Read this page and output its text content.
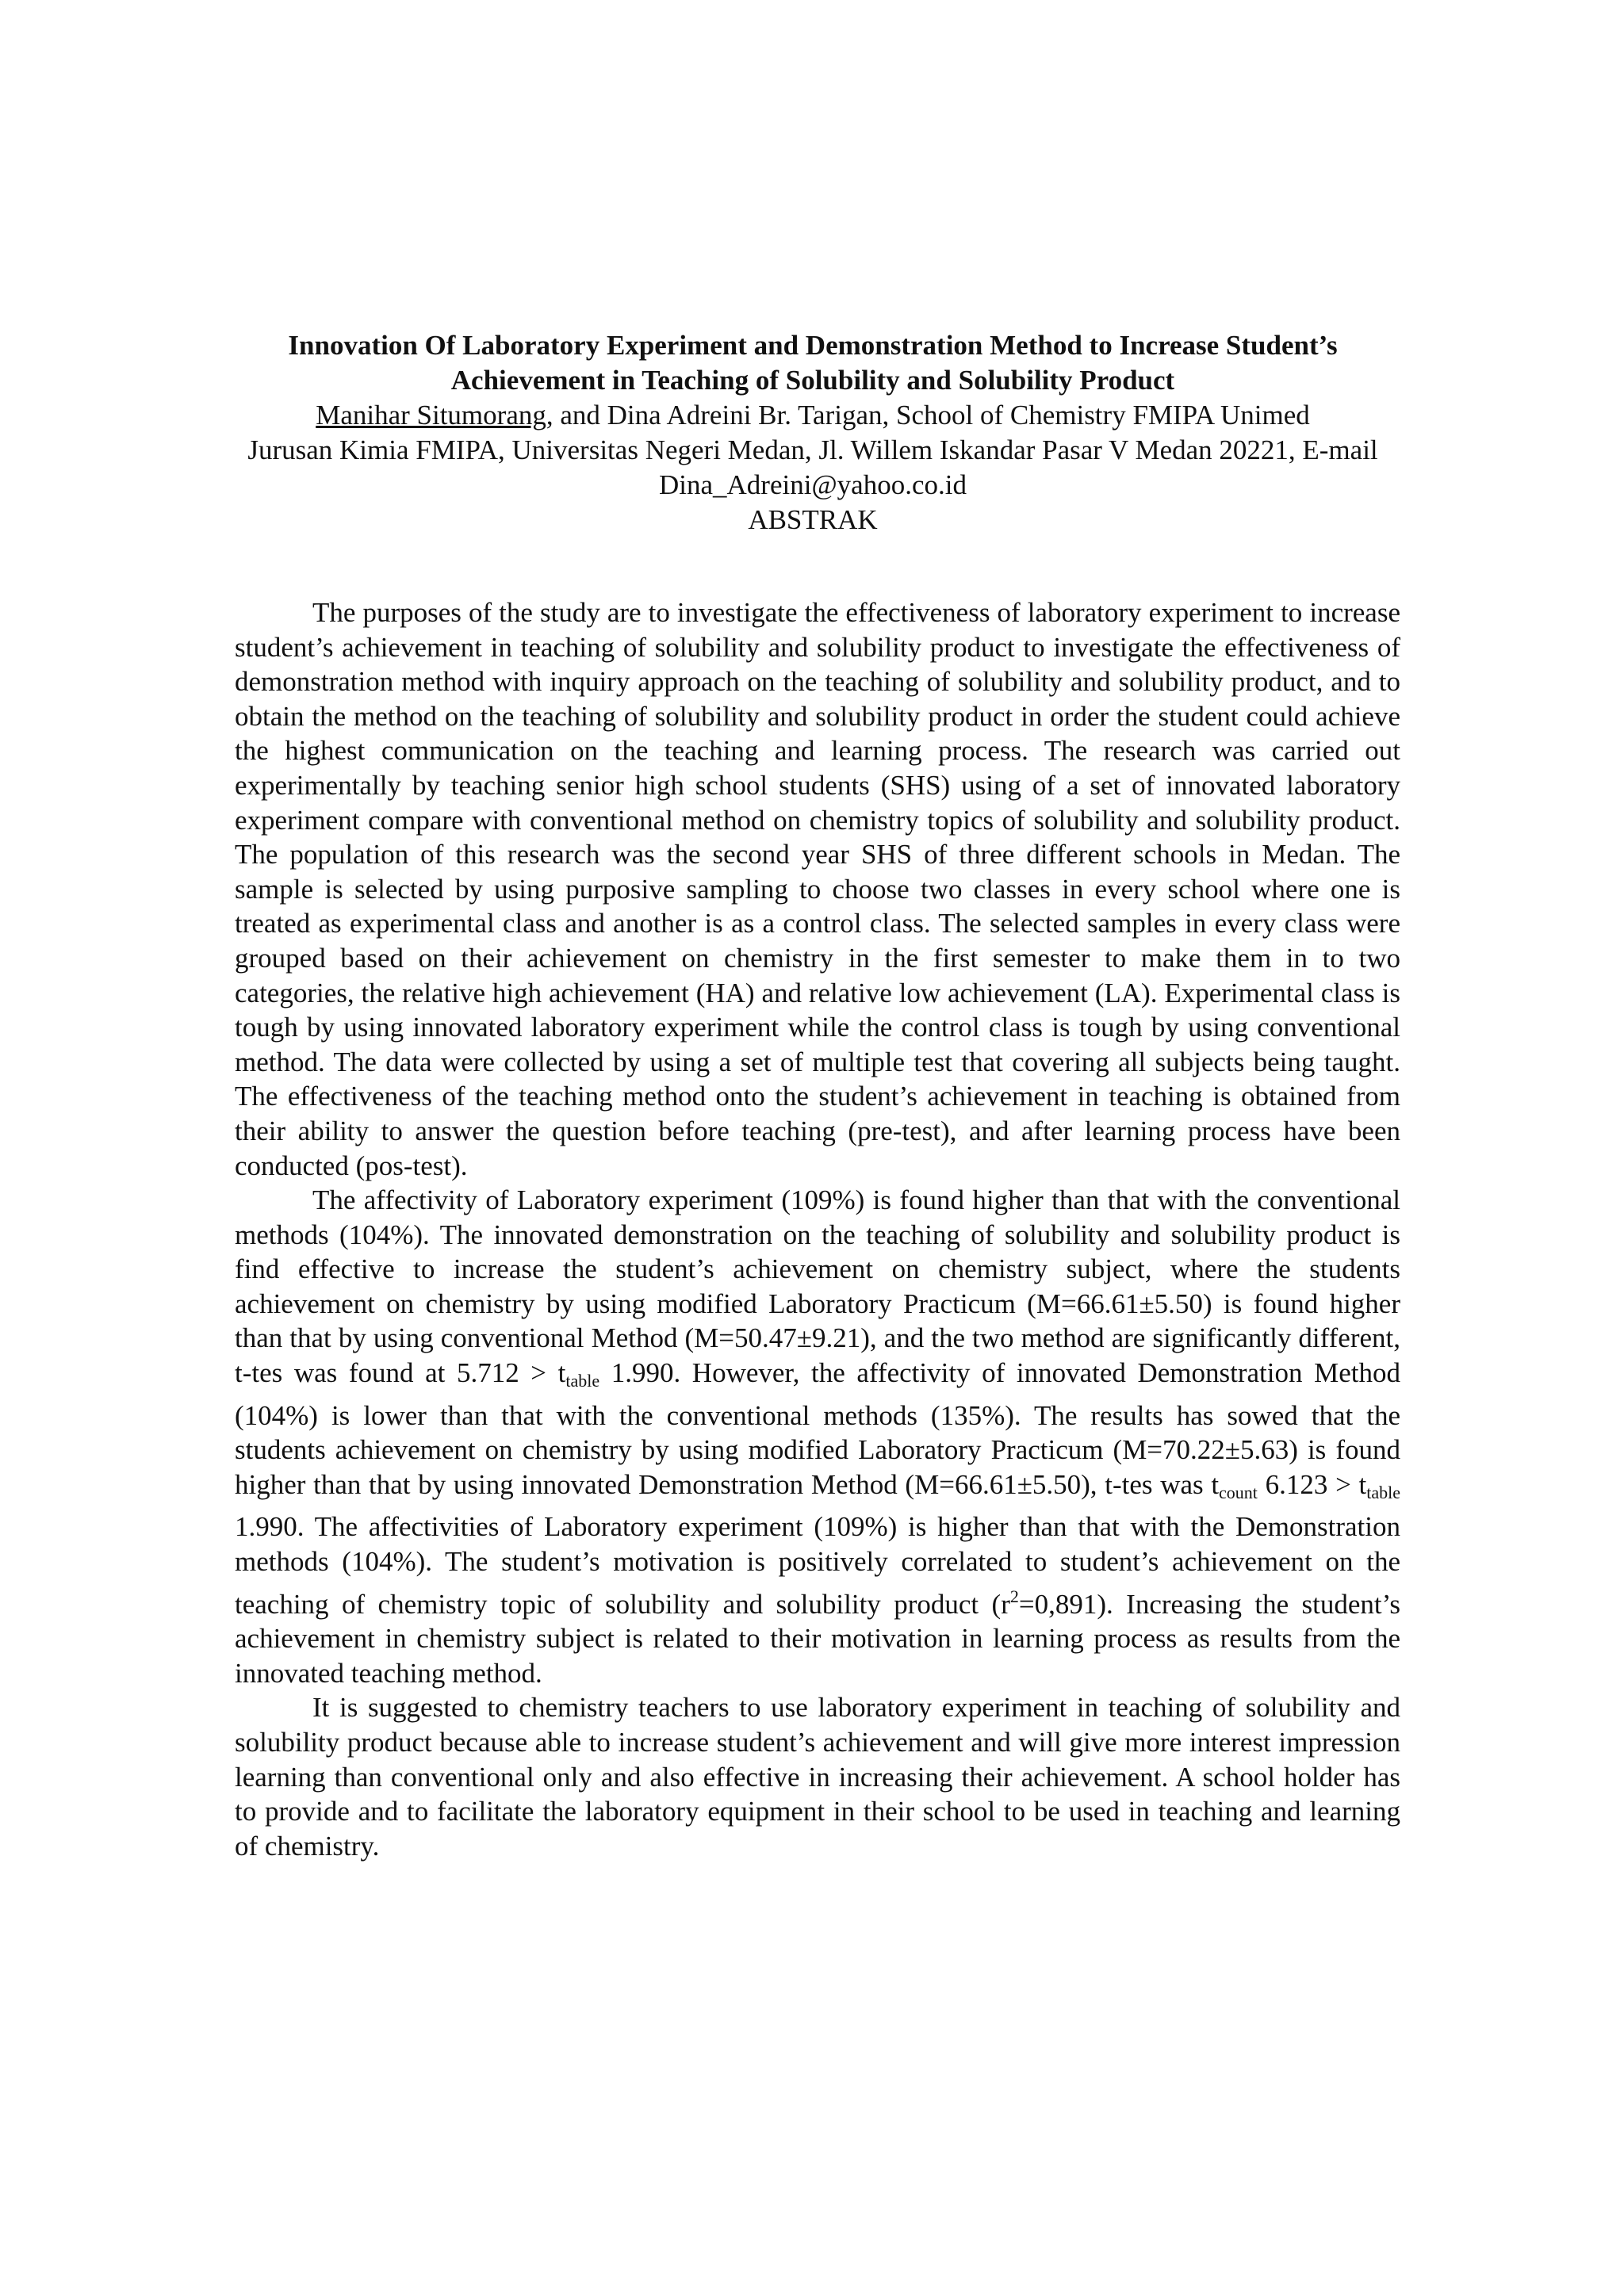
Innovation Of Laboratory Experiment and Demonstration Method to Increase Student’s
Achievement in Teaching of Solubility and Solubility Product
Manihar Situmorang, and Dina Adreini Br. Tarigan, School of Chemistry FMIPA Unimed
Jurusan Kimia FMIPA, Universitas Negeri Medan, Jl. Willem Iskandar Pasar V Medan 20221, E-mail
Dina_Adreini@yahoo.co.id
ABSTRAK

The purposes of the study are to investigate the effectiveness of laboratory experiment to increase student’s achievement in teaching of solubility and solubility product to investigate the effectiveness of demonstration method with inquiry approach on the teaching of solubility and solubility product, and to obtain the method on the teaching of solubility and solubility product in order the student could achieve the highest communication on the teaching and learning process. The research was carried out experimentally by teaching senior high school students (SHS) using of a set of innovated laboratory experiment compare with conventional method on chemistry topics of solubility and solubility product. The population of this research was the second year SHS of three different schools in Medan. The sample is selected by using purposive sampling to choose two classes in every school where one is treated as experimental class and another is as a control class. The selected samples in every class were grouped based on their achievement on chemistry in the first semester to make them in to two categories, the relative high achievement (HA) and relative low achievement (LA). Experimental class is tough by using innovated laboratory experiment while the control class is tough by using conventional method. The data were collected by using a set of multiple test that covering all subjects being taught. The effectiveness of the teaching method onto the student’s achievement in teaching is obtained from their ability to answer the question before teaching (pre-test), and after learning process have been conducted (pos-test).

The affectivity of Laboratory experiment (109%) is found higher than that with the conventional methods (104%). The innovated demonstration on the teaching of solubility and solubility product is find effective to increase the student’s achievement on chemistry subject, where the students achievement on chemistry by using modified Laboratory Practicum (M=66.61±5.50) is found higher than that by using conventional Method (M=50.47±9.21), and the two method are significantly different, t-tes was found at $5.712 > t_{table}$ 1.990. However, the affectivity of innovated Demonstration Method (104%) is lower than that with the conventional methods (135%). The results has sowed that the students achievement on chemistry by using modified Laboratory Practicum (M=70.22±5.63) is found higher than that by using innovated Demonstration Method (M=66.61±5.50), t-tes was $t_{count}$ $6.123 > t_{table}$ 1.990. The affectivities of Laboratory experiment (109%) is higher than that with the Demonstration methods (104%). The student’s motivation is positively correlated to student’s achievement on the teaching of chemistry topic of solubility and solubility product $(r^2=0,891)$. Increasing the student’s achievement in chemistry subject is related to their motivation in learning process as results from the innovated teaching method.

It is suggested to chemistry teachers to use laboratory experiment in teaching of solubility and solubility product because able to increase student’s achievement and will give more interest impression learning than conventional only and also effective in increasing their achievement. A school holder has to provide and to facilitate the laboratory equipment in their school to be used in teaching and learning of chemistry.
